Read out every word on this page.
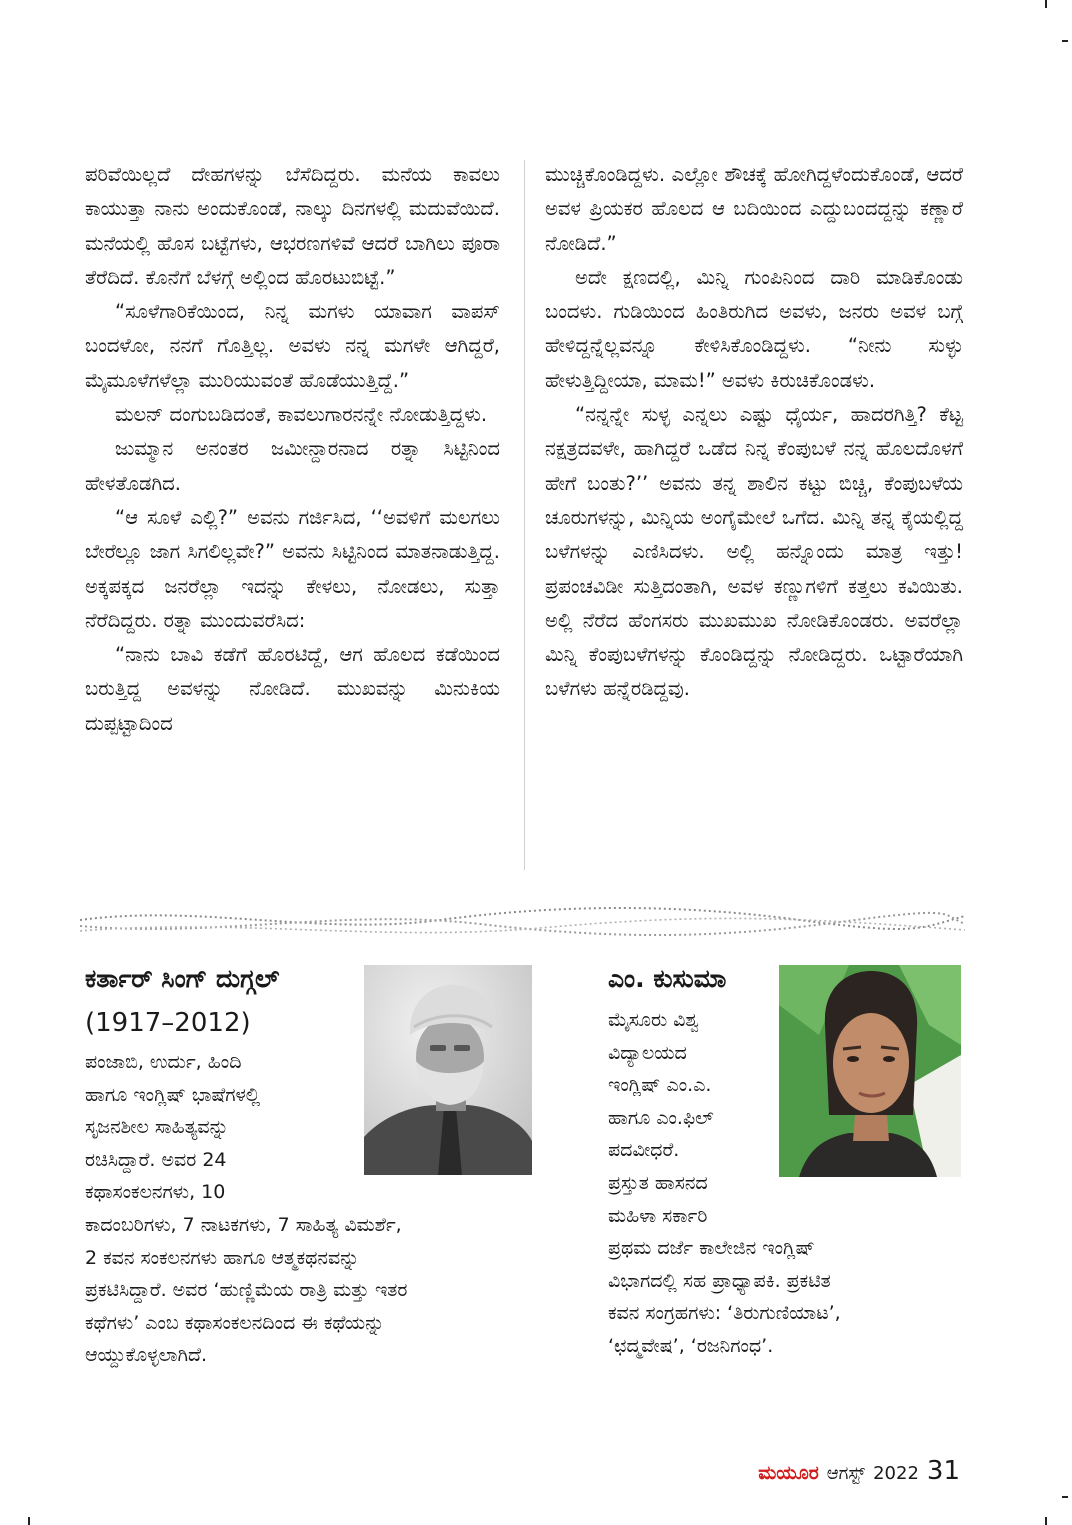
ಪರಿವೆಯಿಲ್ಲದೆ ದೇಹಗಳನ್ನು ಬೆಸೆದಿದ್ದರು. ಮನೆಯ ಕಾವಲು ಕಾಯುತ್ತಾ ನಾನು ಅಂದುಕೊಂಡೆ, ನಾಲ್ಕು ದಿನಗಳಲ್ಲಿ ಮದುವೆಯಿದೆ. ಮನೆಯಲ್ಲಿ ಹೊಸ ಬಟ್ಟೆಗಳು, ಆಭರಣಗಳಿವೆ ಆದರೆ ಬಾಗಿಲು ಪೂರಾ ತೆರೆದಿದೆ. ಕೊನೆಗೆ ಬೆಳಗ್ಗೆ ಅಲ್ಲಿಂದ ಹೊರಟುಬಿಟ್ಟೆ.”

“ಸೂಳೆಗಾರಿಕೆಯಿಂದ, ನಿನ್ನ ಮಗಳು ಯಾವಾಗ ವಾಪಸ್ ಬಂದಳೋ, ನನಗೆ ಗೊತ್ತಿಲ್ಲ. ಅವಳು ನನ್ನ ಮಗಳೇ ಆಗಿದ್ದರೆ, ಮೈಮೂಳೆಗಳೆಲ್ಲಾ ಮುರಿಯುವಂತೆ ಹೊಡೆಯುತ್ತಿದ್ದೆ.”

ಮಲನ್ ದಂಗುಬಡಿದಂತೆ, ಕಾವಲುಗಾರನನ್ನೇ ನೋಡುತ್ತಿದ್ದಳು.

ಜುಮ್ಮಾನ ಅನಂತರ ಜಮೀನ್ದಾರನಾದ ರತ್ನಾ ಸಿಟ್ಟಿನಿಂದ ಹೇಳತೊಡಗಿದ.

“ಆ ಸೂಳೆ ಎಲ್ಲಿ?” ಅವನು ಗರ್ಜಿಸಿದ, ‘‘ಅವಳಿಗೆ ಮಲಗಲು ಬೇರೆಲ್ಲೂ ಜಾಗ ಸಿಗಲಿಲ್ಲವೇ?” ಅವನು ಸಿಟ್ಟಿನಿಂದ ಮಾತನಾಡುತ್ತಿದ್ದ. ಅಕ್ಕಪಕ್ಕದ ಜನರೆಲ್ಲಾ ಇದನ್ನು ಕೇಳಲು, ನೋಡಲು, ಸುತ್ತಾ ನೆರೆದಿದ್ದರು. ರತ್ನಾ ಮುಂದುವರೆಸಿದ:

“ನಾನು ಬಾವಿ ಕಡೆಗೆ ಹೊರಟಿದ್ದೆ, ಆಗ ಹೊಲದ ಕಡೆಯಿಂದ ಬರುತ್ತಿದ್ದ ಅವಳನ್ನು ನೋಡಿದೆ. ಮುಖವನ್ನು ಮಿನುಕಿಯ ದುಪ್ಪಟ್ಟಾದಿಂದ

ಮುಚ್ಚಿಕೊಂಡಿದ್ದಳು. ಎಲ್ಲೋ ಶೌಚಕ್ಕೆ ಹೋಗಿದ್ದಳೆಂದುಕೊಂಡೆ, ಆದರೆ ಅವಳ ಪ್ರಿಯಕರ ಹೊಲದ ಆ ಬದಿಯಿಂದ ಎದ್ದುಬಂದದ್ದನ್ನು ಕಣ್ಣಾರೆ ನೋಡಿದೆ.”

ಅದೇ ಕ್ಷಣದಲ್ಲಿ, ಮಿನ್ನಿ ಗುಂಪಿನಿಂದ ದಾರಿ ಮಾಡಿಕೊಂಡು ಬಂದಳು. ಗುಡಿಯಿಂದ ಹಿಂತಿರುಗಿದ ಅವಳು, ಜನರು ಅವಳ ಬಗ್ಗೆ ಹೇಳಿದ್ದನ್ನೆಲ್ಲವನ್ನೂ ಕೇಳಿಸಿಕೊಂಡಿದ್ದಳು. “ನೀನು ಸುಳ್ಳು ಹೇಳುತ್ತಿದ್ದೀಯಾ, ಮಾಮ!” ಅವಳು ಕಿರುಚಿಕೊಂಡಳು.

“ನನ್ನನ್ನೇ ಸುಳ್ಳ ಎನ್ನಲು ಎಷ್ಟು ಧೈರ್ಯ, ಹಾದರಗಿತ್ತಿ? ಕೆಟ್ಟ ನಕ್ಷತ್ರದವಳೇ, ಹಾಗಿದ್ದರೆ ಒಡೆದ ನಿನ್ನ ಕೆಂಪುಬಳೆ ನನ್ನ ಹೊಲದೊಳಗೆ ಹೇಗೆ ಬಂತು?’’ ಅವನು ತನ್ನ ಶಾಲಿನ ಕಟ್ಟು ಬಿಚ್ಚಿ, ಕೆಂಪುಬಳೆಯ ಚೂರುಗಳನ್ನು, ಮಿನ್ನಿಯ ಅಂಗೈಮೇಲೆ ಒಗೆದ. ಮಿನ್ನಿ ತನ್ನ ಕೈಯಲ್ಲಿದ್ದ ಬಳೆಗಳನ್ನು ಎಣಿಸಿದಳು. ಅಲ್ಲಿ ಹನ್ನೊಂದು ಮಾತ್ರ ಇತ್ತು! ಪ್ರಪಂಚವಿಡೀ ಸುತ್ತಿದಂತಾಗಿ, ಅವಳ ಕಣ್ಣುಗಳಿಗೆ ಕತ್ತಲು ಕವಿಯಿತು. ಅಲ್ಲಿ ನೆರೆದ ಹೆಂಗಸರು ಮುಖಮುಖ ನೋಡಿಕೊಂಡರು. ಅವರೆಲ್ಲಾ ಮಿನ್ನಿ ಕೆಂಪುಬಳೆಗಳನ್ನು ಕೊಂಡಿದ್ದನ್ನು ನೋಡಿದ್ದರು. ಒಟ್ಟಾರೆಯಾಗಿ ಬಳೆಗಳು ಹನ್ನೆರಡಿದ್ದವು.

ಕರ್ತಾರ್ ಸಿಂಗ್ ದುಗ್ಗಲ್
(1917–2012)

ಪಂಜಾಬಿ, ಉರ್ದು, ಹಿಂದಿ

ಹಾಗೂ ಇಂಗ್ಲಿಷ್ ಭಾಷೆಗಳಲ್ಲಿ

ಸೃಜನಶೀಲ ಸಾಹಿತ್ಯವನ್ನು

ರಚಿಸಿದ್ದಾರೆ. ಅವರ 24

ಕಥಾಸಂಕಲನಗಳು, 10

ಕಾದಂಬರಿಗಳು, 7 ನಾಟಕಗಳು, 7 ಸಾಹಿತ್ಯ ವಿಮರ್ಶೆ,

2 ಕವನ ಸಂಕಲನಗಳು ಹಾಗೂ ಆತ್ಮಕಥನವನ್ನು

ಪ್ರಕಟಿಸಿದ್ದಾರೆ. ಅವರ ‘ಹುಣ್ಣಿಮೆಯ ರಾತ್ರಿ ಮತ್ತು ಇತರ

ಕಥೆಗಳು’ ಎಂಬ ಕಥಾಸಂಕಲನದಿಂದ ಈ ಕಥೆಯನ್ನು

ಆಯ್ದುಕೊಳ್ಳಲಾಗಿದೆ.

ಎಂ. ಕುಸುಮಾ

ಮೈಸೂರು ವಿಶ್ವ

ವಿದ್ಯಾಲಯದ

ಇಂಗ್ಲಿಷ್ ಎಂ.ಎ.

ಹಾಗೂ ಎಂ.ಫಿಲ್

ಪದವೀಧರೆ.

ಪ್ರಸ್ತುತ ಹಾಸನದ

ಮಹಿಳಾ ಸರ್ಕಾರಿ

ಪ್ರಥಮ ದರ್ಜೆ ಕಾಲೇಜಿನ ಇಂಗ್ಲಿಷ್

ವಿಭಾಗದಲ್ಲಿ ಸಹ ಪ್ರಾಧ್ಯಾಪಕಿ. ಪ್ರಕಟಿತ

ಕವನ ಸಂಗ್ರಹಗಳು: ‘ತಿರುಗುಣಿಯಾಟ’,

‘ಛದ್ಮವೇಷ’, ‘ರಜನಿಗಂಧ’.

ಮಯೂರ ಆಗಸ್ಟ್ 2022 31
